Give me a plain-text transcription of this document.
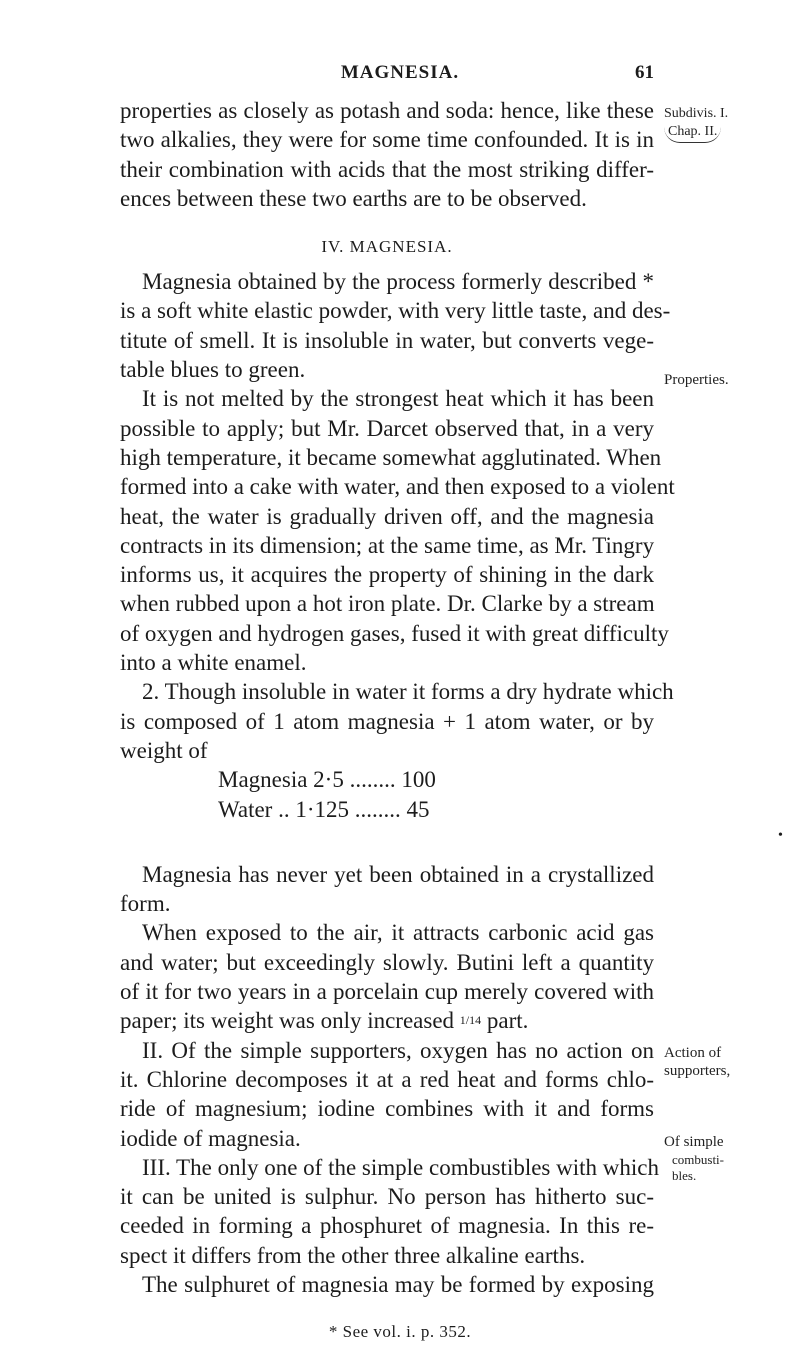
MAGNESIA.	61
properties as closely as potash and soda: hence, like these
two alkalies, they were for some time confounded. It is in
their combination with acids that the most striking differ-
ences between these two earths are to be observed.
IV. MAGNESIA.
Magnesia obtained by the process formerly described *
is a soft white elastic powder, with very little taste, and des-
titute of smell. It is insoluble in water, but converts vege-
table blues to green.
It is not melted by the strongest heat which it has been
possible to apply; but Mr. Darcet observed that, in a very
high temperature, it became somewhat agglutinated. When
formed into a cake with water, and then exposed to a violent
heat, the water is gradually driven off, and the magnesia
contracts in its dimension; at the same time, as Mr. Tingry
informs us, it acquires the property of shining in the dark
when rubbed upon a hot iron plate. Dr. Clarke by a stream
of oxygen and hydrogen gases, fused it with great difficulty
into a white enamel.
2. Though insoluble in water it forms a dry hydrate which
is composed of 1 atom magnesia + 1 atom water, or by
weight of
Magnesia 2·5 ........ 100
Water .. 1·125 ........ 45
Magnesia has never yet been obtained in a crystallized
form.
When exposed to the air, it attracts carbonic acid gas
and water; but exceedingly slowly. Butini left a quantity
of it for two years in a porcelain cup merely covered with
paper; its weight was only increased 1/14 part.
II. Of the simple supporters, oxygen has no action on
it. Chlorine decomposes it at a red heat and forms chlo-
ride of magnesium; iodine combines with it and forms
iodide of magnesia.
III. The only one of the simple combustibles with which
it can be united is sulphur. No person has hitherto suc-
ceeded in forming a phosphuret of magnesia. In this re-
spect it differs from the other three alkaline earths.
The sulphuret of magnesia may be formed by exposing
Subdivis. I.
Chap. II.
Properties.
Action of
supporters,
Of simple
combusti-
bles.
•
* See vol. i. p. 352.
